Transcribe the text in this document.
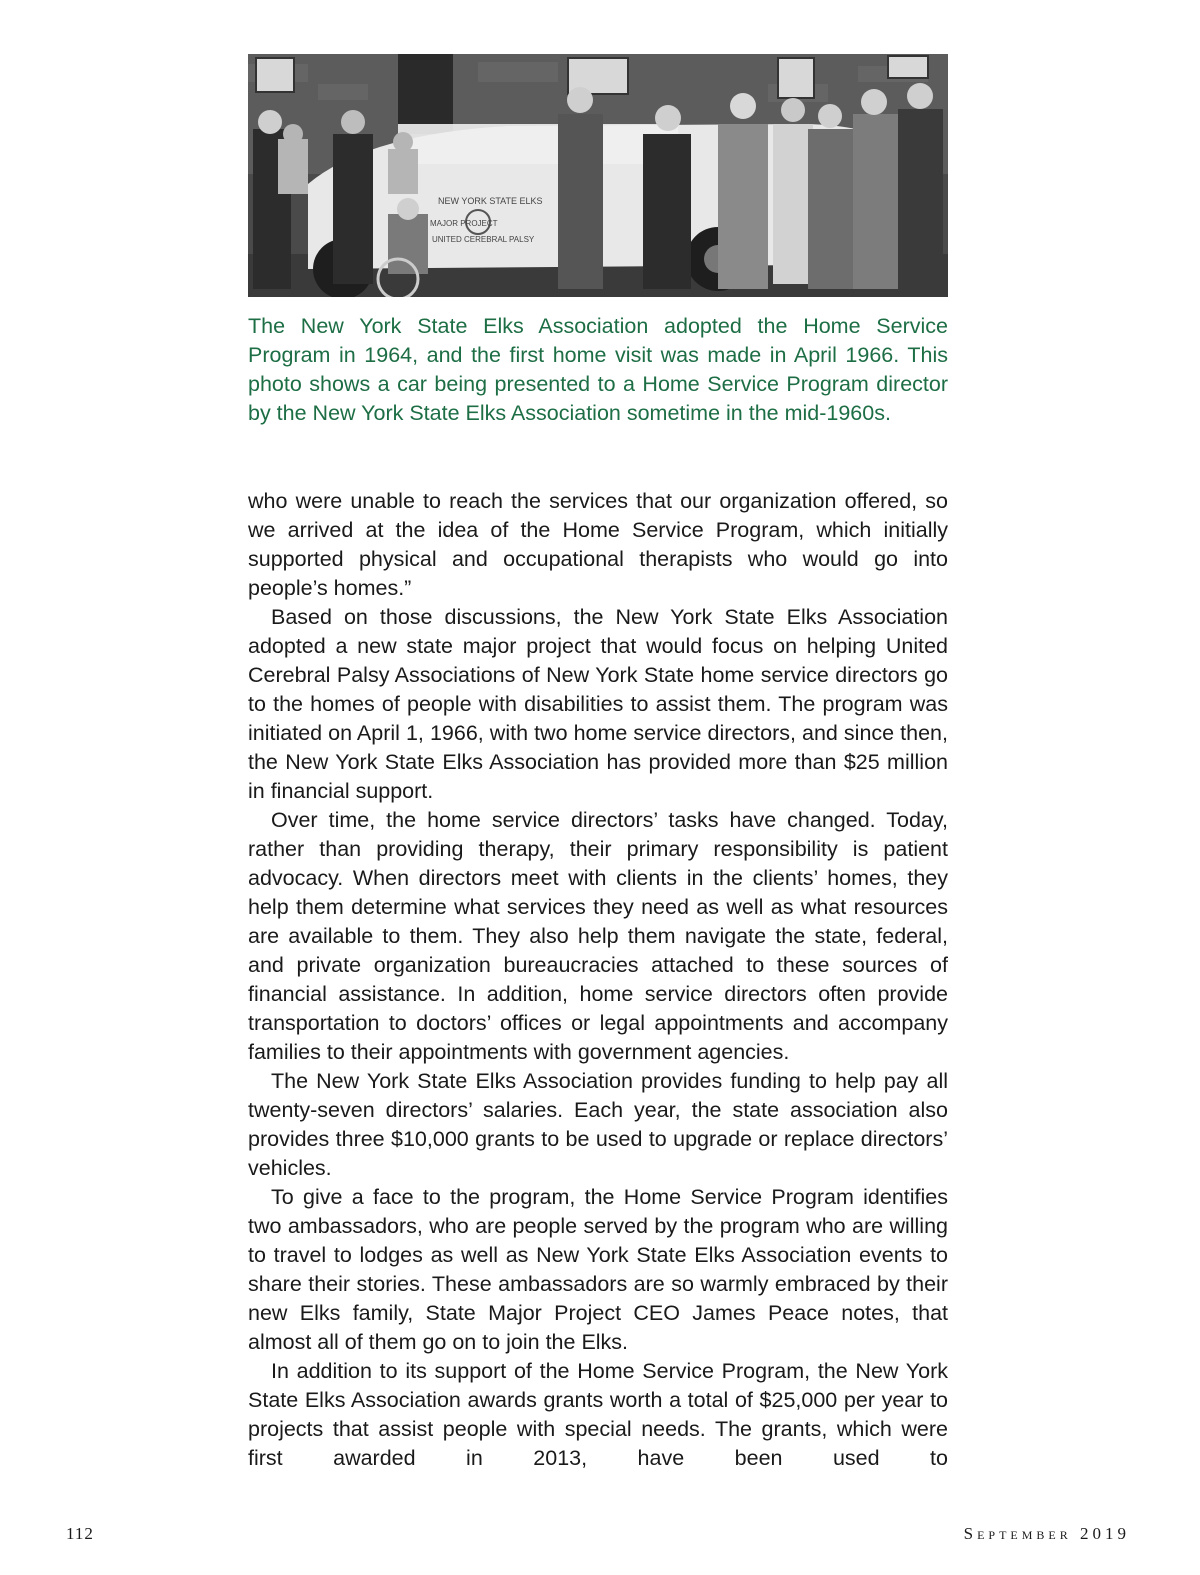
NEW YORK STATE ELKS
MAJOR PROJECT
UNITED CEREBRAL PALSY

The New York State Elks Association adopted the Home Service Program in 1964, and the first home visit was made in April 1966. This photo shows a car being presented to a Home Service Program director by the New York State Elks Association sometime in the mid-1960s.

who were unable to reach the services that our organization offered, so we arrived at the idea of the Home Service Program, which initially supported physical and occupational therapists who would go into people’s homes.”

Based on those discussions, the New York State Elks Association adopted a new state major project that would focus on helping United Cerebral Palsy Associations of New York State home service directors go to the homes of people with disabilities to assist them. The program was initiated on April 1, 1966, with two home service directors, and since then, the New York State Elks Association has provided more than $25 million in financial support.

Over time, the home service directors’ tasks have changed. Today, rather than providing therapy, their primary responsibility is patient advocacy. When directors meet with clients in the clients’ homes, they help them determine what services they need as well as what resources are available to them. They also help them navigate the state, federal, and private organization bureaucracies attached to these sources of financial assistance. In addition, home service directors often provide transportation to doctors’ offices or legal appointments and accompany families to their appointments with government agencies.

The New York State Elks Association provides funding to help pay all twenty-seven directors’ salaries. Each year, the state association also provides three $10,000 grants to be used to upgrade or replace directors’ vehicles.

To give a face to the program, the Home Service Program identifies two ambassadors, who are people served by the program who are willing to travel to lodges as well as New York State Elks Association events to share their stories. These ambassadors are so warmly embraced by their new Elks family, State Major Project CEO James Peace notes, that almost all of them go on to join the Elks.

In addition to its support of the Home Service Program, the New York State Elks Association awards grants worth a total of $25,000 per year to projects that assist people with special needs. The grants, which were first awarded in 2013, have been used to

112	September 2019
